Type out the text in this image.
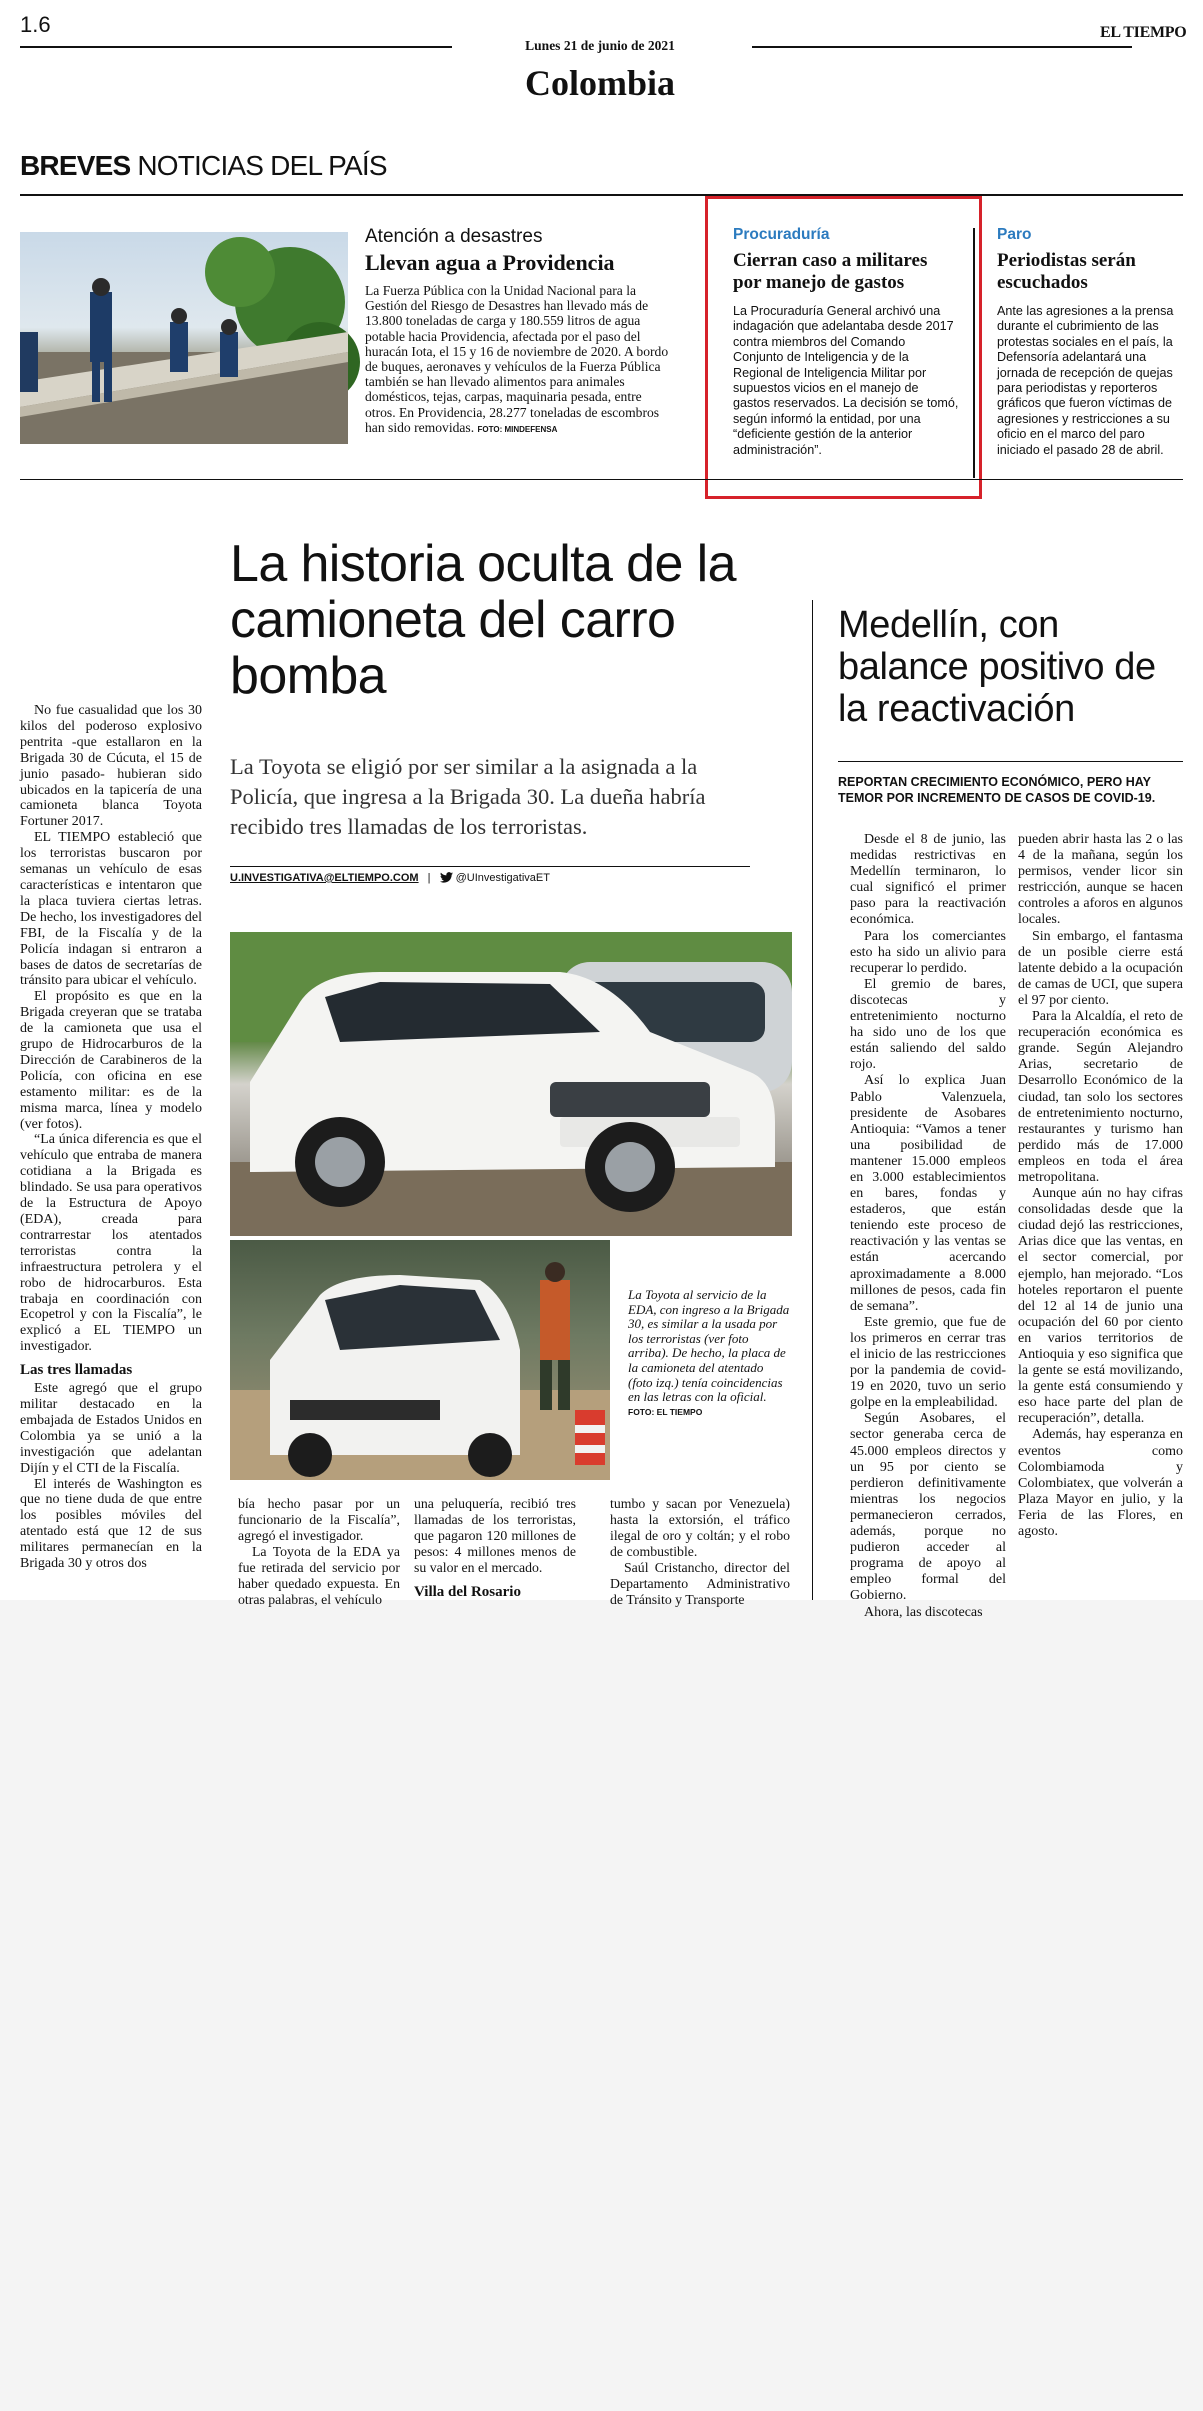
1.6
Lunes 21 de junio de 2021
EL TIEMPO
Colombia
BREVES NOTICIAS DEL PAÍS
Atención a desastres
Llevan agua a Providencia
La Fuerza Pública con la Unidad Nacional para la Gestión del Riesgo de Desastres han llevado más de 13.800 toneladas de carga y 180.559 litros de agua potable hacia Providencia, afectada por el paso del huracán Iota, el 15 y 16 de noviembre de 2020. A bordo de buques, aeronaves y vehículos de la Fuerza Pública también se han llevado alimentos para animales domésticos, tejas, carpas, maquinaria pesada, entre otros. En Providencia, 28.277 toneladas de escombros han sido removidas. FOTO: MINDEFENSA
Procuraduría
Cierran caso a militares por manejo de gastos
La Procuraduría General archivó una indagación que adelantaba desde 2017 contra miembros del Comando Conjunto de Inteligencia y de la Regional de Inteligencia Militar por supuestos vicios en el manejo de gastos reservados. La decisión se tomó, según informó la entidad, por una “deficiente gestión de la anterior administración”.
Paro
Periodistas serán escuchados
Ante las agresiones a la prensa durante el cubrimiento de las protestas sociales en el país, la Defensoría adelantará una jornada de recepción de quejas para periodistas y reporteros gráficos que fueron víctimas de agresiones y restricciones a su oficio en el marco del paro iniciado el pasado 28 de abril.
La historia oculta de la camioneta del carro bomba
La Toyota se eligió por ser similar a la asignada a la Policía, que ingresa a la Brigada 30. La dueña habría recibido tres llamadas de los terroristas.
U.INVESTIGATIVA@ELTIEMPO.COM | @UInvestigativaET
La Toyota al servicio de la EDA, con ingreso a la Brigada 30, es similar a la usada por los terroristas (ver foto arriba). De hecho, la placa de la camioneta del atentado (foto izq.) tenía coincidencias en las letras con la oficial.
FOTO: EL TIEMPO

No fue casualidad que los 30 kilos del poderoso explosivo pentrita -que estallaron en la Brigada 30 de Cúcuta, el 15 de junio pasado- hubieran sido ubicados en la tapicería de una camioneta blanca Toyota Fortuner 2017.

EL TIEMPO estableció que los terroristas buscaron por semanas un vehículo de esas características e intentaron que la placa tuviera ciertas letras. De hecho, los investigadores del FBI, de la Fiscalía y de la Policía indagan si entraron a bases de datos de secretarías de tránsito para ubicar el vehículo.

El propósito es que en la Brigada creyeran que se trataba de la camioneta que usa el grupo de Hidrocarburos de la Dirección de Carabineros de la Policía, con oficina en ese estamento militar: es de la misma marca, línea y modelo (ver fotos).

“La única diferencia es que el vehículo que entraba de manera cotidiana a la Brigada es blindado. Se usa para operativos de la Estructura de Apoyo (EDA), creada para contrarrestar los atentados terroristas contra la infraestructura petrolera y el robo de hidrocarburos. Esta trabaja en coordinación con Ecopetrol y con la Fiscalía”, le explicó a EL TIEMPO un investigador.

Las tres llamadas

Este agregó que el grupo militar destacado en la embajada de Estados Unidos en Colombia ya se unió a la investigación que adelantan Dijín y el CTI de la Fiscalía.

El interés de Washington es que no tiene duda de que entre los posibles móviles del atentado está que 12 de sus militares permanecían en la Brigada 30 y otros dos

bía hecho pasar por un funcionario de la Fiscalía”, agregó el investigador.

La Toyota de la EDA ya fue retirada del servicio por haber quedado expuesta. En otras palabras, el vehículo

una peluquería, recibió tres llamadas de los terroristas, que pagaron 120 millones de pesos: 4 millones menos de su valor en el mercado.

Villa del Rosario

tumbo y sacan por Venezuela) hasta la extorsión, el tráfico ilegal de oro y coltán; y el robo de combustible.

Saúl Cristancho, director del Departamento Administrativo de Tránsito y Transporte

Medellín, con balance positivo de la reactivación
REPORTAN CRECIMIENTO ECONÓMICO, PERO HAY TEMOR POR INCREMENTO DE CASOS DE COVID-19.

Desde el 8 de junio, las medidas restrictivas en Medellín terminaron, lo cual significó el primer paso para la reactivación económica.

Para los comerciantes esto ha sido un alivio para recuperar lo perdido.

El gremio de bares, discotecas y entretenimiento nocturno ha sido uno de los que están saliendo del saldo rojo.

Así lo explica Juan Pablo Valenzuela, presidente de Asobares Antioquia: “Vamos a tener una posibilidad de mantener 15.000 empleos en 3.000 establecimientos en bares, fondas y estaderos, que están teniendo este proceso de reactivación y las ventas se están acercando aproximadamente a 8.000 millones de pesos, cada fin de semana”.

Este gremio, que fue de los primeros en cerrar tras el inicio de las restricciones por la pandemia de covid-19 en 2020, tuvo un serio golpe en la empleabilidad.

Según Asobares, el sector generaba cerca de 45.000 empleos directos y un 95 por ciento se perdieron definitivamente mientras los negocios permanecieron cerrados, además, porque no pudieron acceder al programa de apoyo al empleo formal del Gobierno.

Ahora, las discotecas

pueden abrir hasta las 2 o las 4 de la mañana, según los permisos, vender licor sin restricción, aunque se hacen controles a aforos en algunos locales.

Sin embargo, el fantasma de un posible cierre está latente debido a la ocupación de camas de UCI, que supera el 97 por ciento.

Para la Alcaldía, el reto de recuperación económica es grande. Según Alejandro Arias, secretario de Desarrollo Económico de la ciudad, tan solo los sectores de entretenimiento nocturno, restaurantes y turismo han perdido más de 17.000 empleos en toda el área metropolitana.

Aunque aún no hay cifras consolidadas desde que la ciudad dejó las restricciones, Arias dice que las ventas, en el sector comercial, por ejemplo, han mejorado. “Los hoteles reportaron el puente del 12 al 14 de junio una ocupación del 60 por ciento en varios territorios de Antioquia y eso significa que la gente se está movilizando, la gente está consumiendo y eso hace parte del plan de recuperación”, detalla.

Además, hay esperanza en eventos como Colombiamoda y Colombiatex, que volverán a Plaza Mayor en julio, y la Feria de las Flores, en agosto.
